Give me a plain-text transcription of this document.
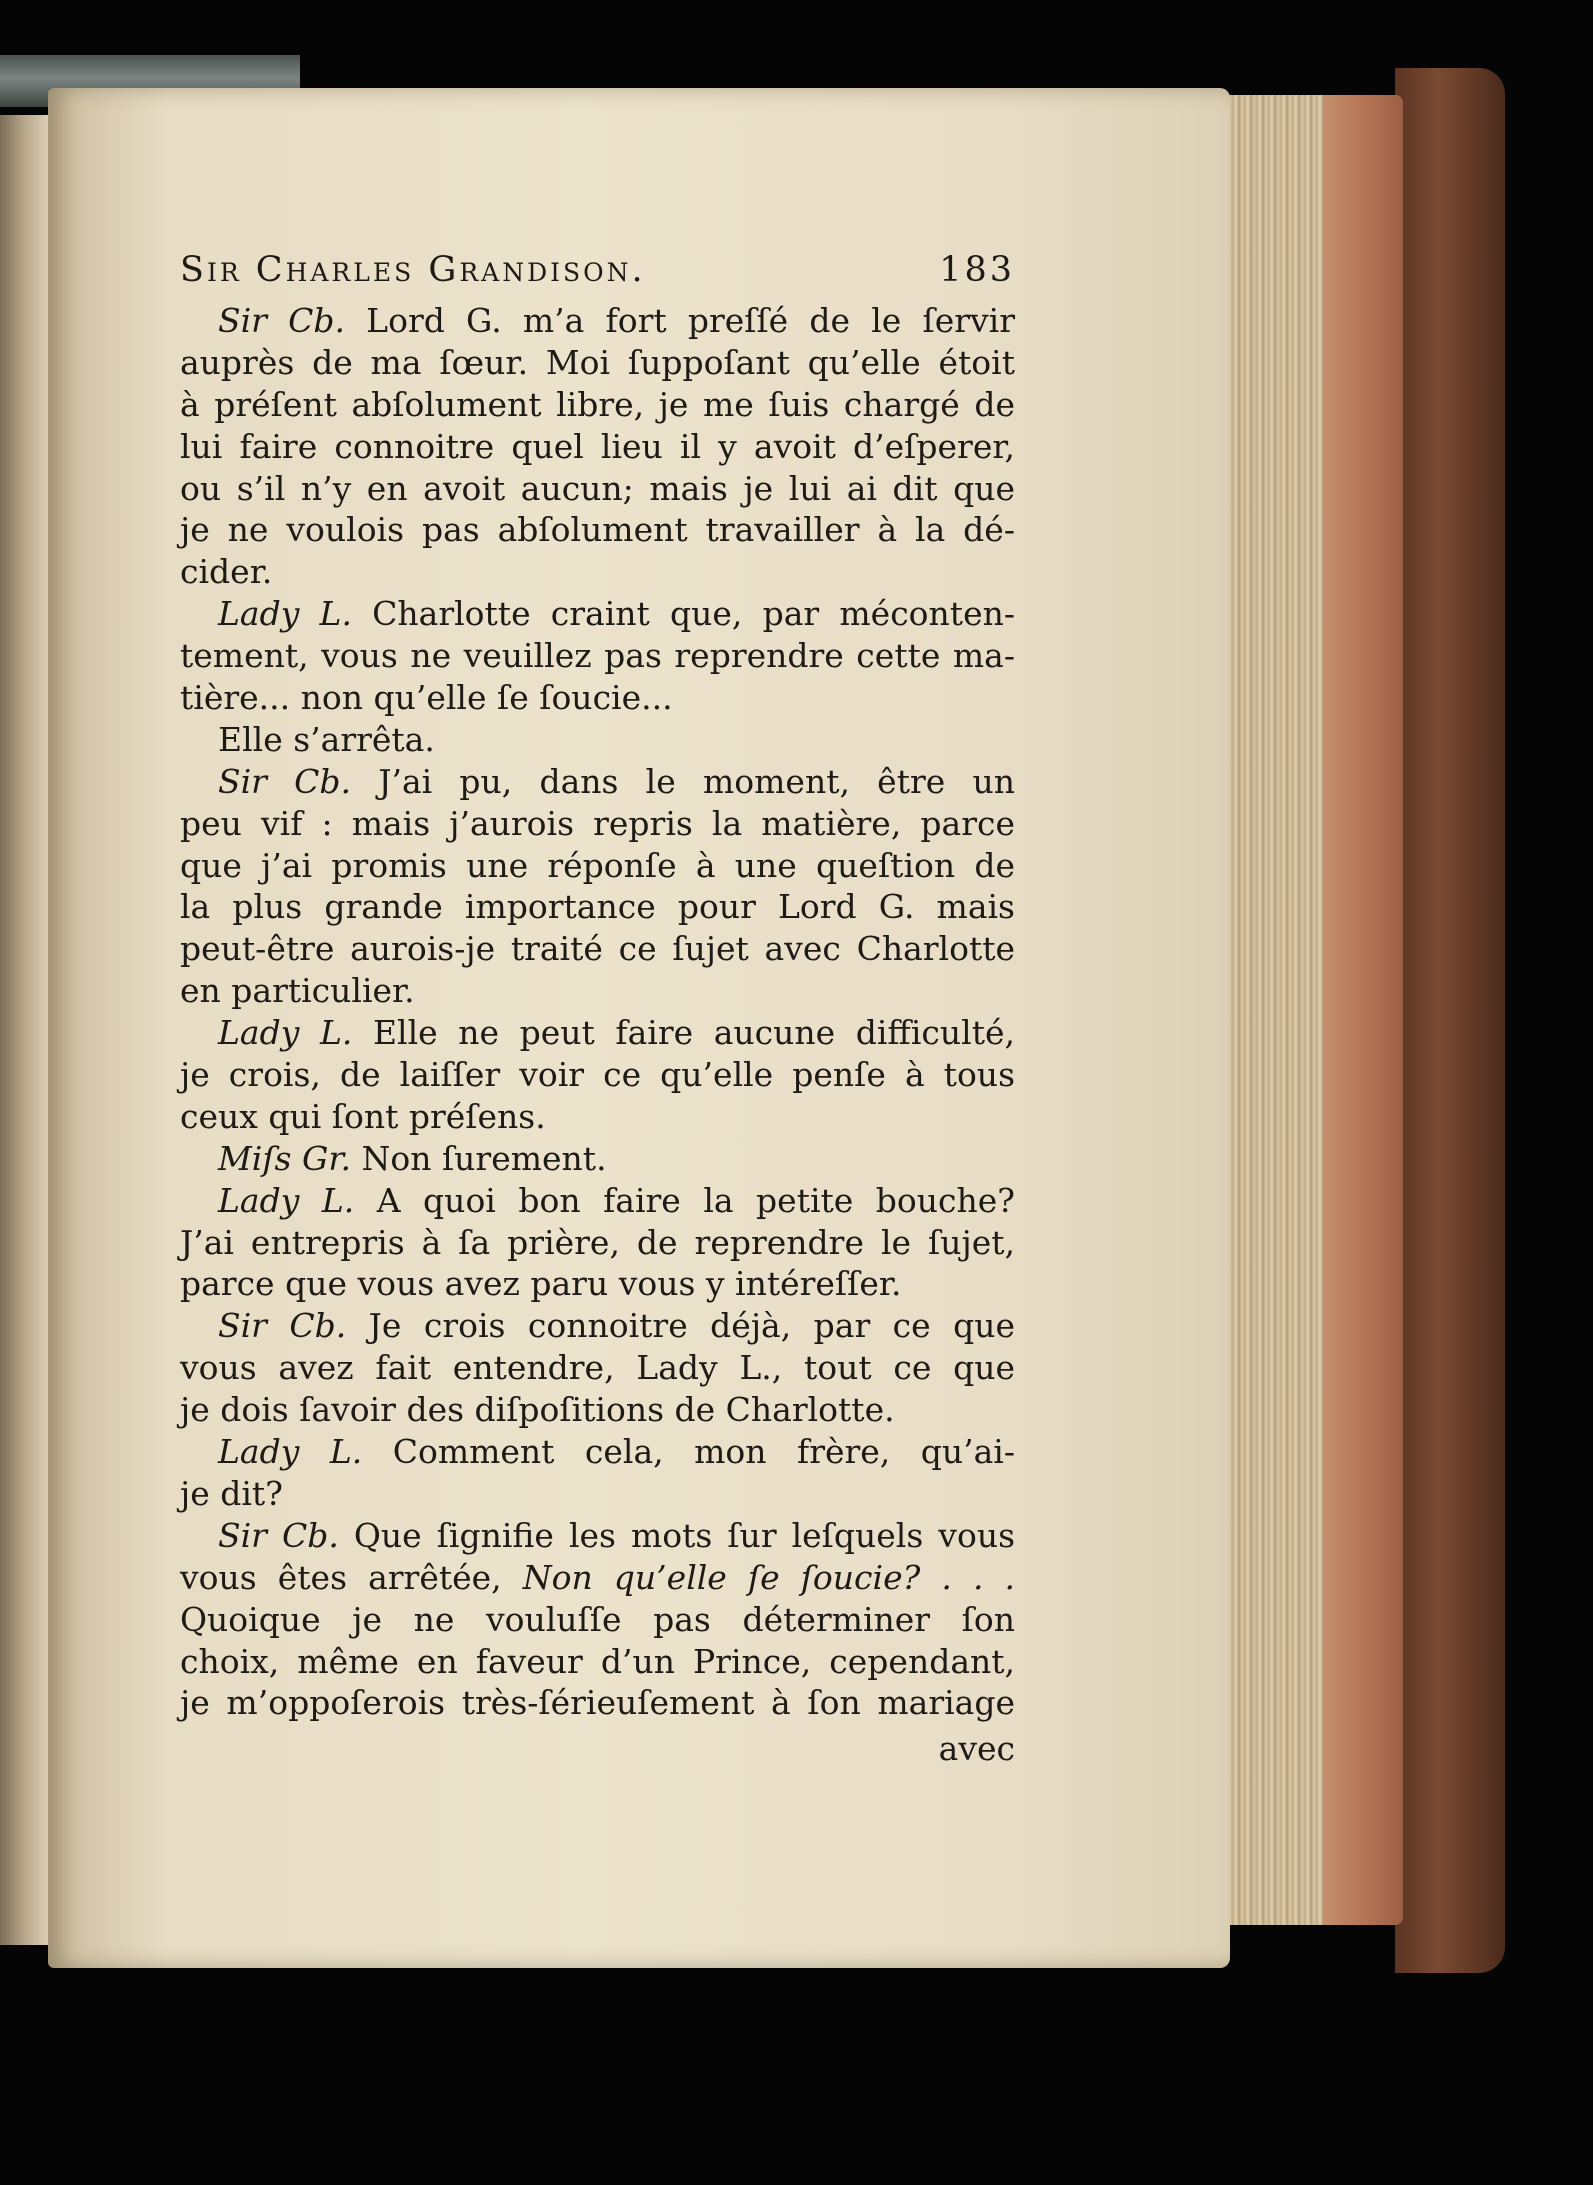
Sir Charles Grandison.	183
Sir Cb. Lord G. m’a fort preſſé de le ſervir
auprès de ma ſœur. Moi ſuppoſant qu’elle étoit
à préſent abſolument libre, je me ſuis chargé de
lui faire connoitre quel lieu il y avoit d’eſperer,
ou s’il n’y en avoit aucun; mais je lui ai dit que
je ne voulois pas abſolument travailler à la dé-
cider.
Lady L. Charlotte craint que, par méconten-
tement, vous ne veuillez pas reprendre cette ma-
tière... non qu’elle ſe ſoucie...
Elle s’arrêta.
Sir Cb. J’ai pu, dans le moment, être un
peu vif : mais j’aurois repris la matière, parce
que j’ai promis une réponſe à une queſtion de
la plus grande importance pour Lord G. mais
peut-être aurois-je traité ce ſujet avec Charlotte
en particulier.
Lady L. Elle ne peut faire aucune difficulté,
je crois, de laiſſer voir ce qu’elle penſe à tous
ceux qui ſont préſens.
Miſs Gr. Non ſurement.
Lady L. A quoi bon faire la petite bouche?
J’ai entrepris à ſa prière, de reprendre le ſujet,
parce que vous avez paru vous y intéreſſer.
Sir Cb. Je crois connoitre déjà, par ce que
vous avez fait entendre, Lady L., tout ce que
je dois ſavoir des diſpoſitions de Charlotte.
Lady L. Comment cela, mon frère, qu’ai-
je dit?
Sir Cb. Que ſignifie les mots ſur leſquels vous
vous êtes arrêtée, Non qu’elle ſe ſoucie? . . .
Quoique je ne vouluſſe pas déterminer ſon
choix, même en faveur d’un Prince, cependant,
je m’oppoſerois très-ſérieuſement à ſon mariage
avec
